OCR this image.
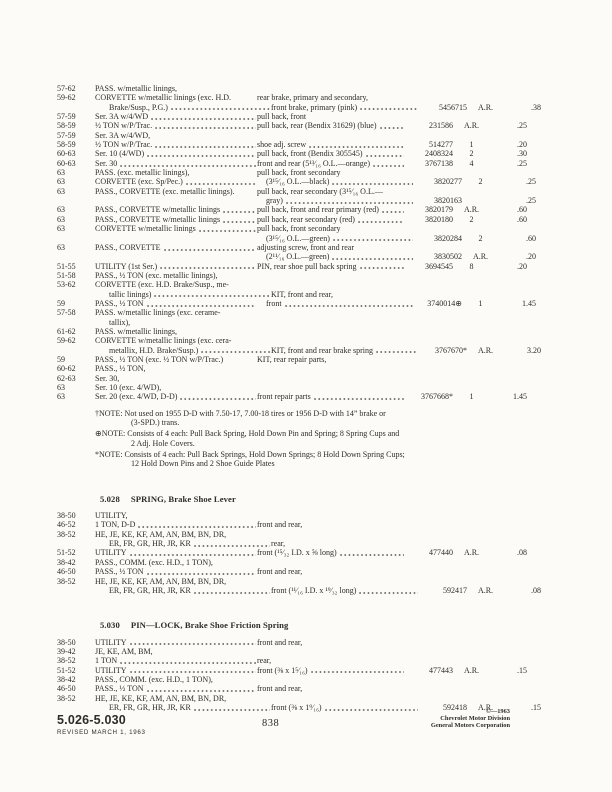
57-62	PASS. w/metallic linings,
59-62	CORVETTE w/metallic linings (exc. H.D.	rear brake, primary and secondary,
Brake/Susp., P.G.)	front brake, primary (pink)	5456715	A.R.	.38
57-59	Ser. 3A w/4/WD	pull back, front
58-59	½ TON w/P/Trac.	pull back, rear (Bendix 31629) (blue)	231586	A.R.	.25
57-59	Ser. 3A w/4/WD,
58-59	½ TON w/P/Trac.	shoe adj. screw	514277	1	.20
60-63	Ser. 10 (4/WD)	pull back, front (Bendix 305545)	2408324	2	.30
60-63	Ser. 30	front and rear (5¹³⁄₁₆ O.L.—orange)	3767138	4	.25
63	PASS. (exc. metallic linings),	pull back, front secondary
63	CORVETTE (exc. Sp/Pec.)	(3¹⁵⁄₁₆ O.L.—black)	3820277	2	.25
63	PASS., CORVETTE (exc. metallic linings).	pull back, rear secondary (3¹⁵⁄₁₆ O.L.—
gray)	3820163	.25
63	PASS., CORVETTE w/metallic linings	pull back, front and rear primary (red)	3820179	A.R.	.60
63	PASS., CORVETTE w/metallic linings	pull back, rear secondary (red)	3820180	2	.60
63	CORVETTE w/metallic linings	pull back, front secondary
(3¹⁵⁄₁₆ O.L.—green)	3820284	2	.60
63	PASS., CORVETTE	adjusting screw, front and rear
(2¹¹⁄₁₆ O.L.—green)	3830502	A.R.	.20
51-55	UTILITY (1st Ser.)	PIN, rear shoe pull back spring	3694545	8	.20
51-58	PASS., ½ TON (exc. metallic linings),
53-62	CORVETTE (exc. H.D. Brake/Susp., me-
tallic linings)	KIT, front and rear,
59	PASS., ½ TON	front	3740014⊕	1	1.45
57-58	PASS. w/metallic linings (exc. cerame-
tallix),
61-62	PASS. w/metallic linings,
59-62	CORVETTE w/metallic linings (exc. cera-
metallix, H.D. Brake/Susp.)	KIT, front and rear brake spring	3767670*	A.R.	3.20
59	PASS., ½ TON (exc. ½ TON w/P/Trac.)	KIT, rear repair parts,
60-62	PASS., ½ TON,
62-63	Ser. 30,
63	Ser. 10 (exc. 4/WD),
63	Ser. 20 (exc. 4/WD, D-D)	front repair parts	3767668*	1	1.45
†NOTE: Not used on 1955 D-D with 7.50-17, 7.00-18 tires or 1956 D-D with 14” brake or
(3-SPD.) trans.
⊕NOTE: Consists of 4 each: Pull Back Spring, Hold Down Pin and Spring; 8 Spring Cups and
2 Adj. Hole Covers.
*NOTE: Consists of 4 each: Pull Back Springs, Hold Down Springs; 8 Hold Down Spring Cups;
12 Hold Down Pins and 2 Shoe Guide Plates
5.028 SPRING, Brake Shoe Lever
38-50	UTILITY,
46-52	1 TON, D-D	front and rear,
38-52	HE, JE, KE, KF, AM, AN, BM, BN, DR,
ER, FR, GR, HR, JR, KR	rear,
51-52	UTILITY	front (¹⁵⁄₃₂ I.D. x ⅝ long)	477440	A.R.	.08
38-42	PASS., COMM. (exc. H.D., 1 TON),
46-50	PASS., ½ TON	front and rear,
38-52	HE, JE, KE, KF, AM, AN, BM, BN, DR,
ER, FR, GR, HR, JR, KR	front (¹¹⁄₁₆ I.D. x ¹⁹⁄₃₂ long)	592417	A.R.	.08
5.030 PIN—LOCK, Brake Shoe Friction Spring
38-50	UTILITY	front and rear,
39-42	JE, KE, AM, BM,
38-52	1 TON	rear,
51-52	UTILITY	front (⅜ x 1⁵⁄₁₆)	477443	A.R.	.15
38-42	PASS., COMM. (exc. H.D., 1 TON),
46-50	PASS., ½ TON	front and rear,
38-52	HE, JE, KE, KF, AM, AN, BM, BN, DR,
ER, FR, GR, HR, JR, KR	front (⅜ x 1⁹⁄₁₆)	592418	A.R.	.15
5.026-5.030
REVISED MARCH 1, 1963
838
©—1963
Chevrolet Motor Division
General Motors Corporation
